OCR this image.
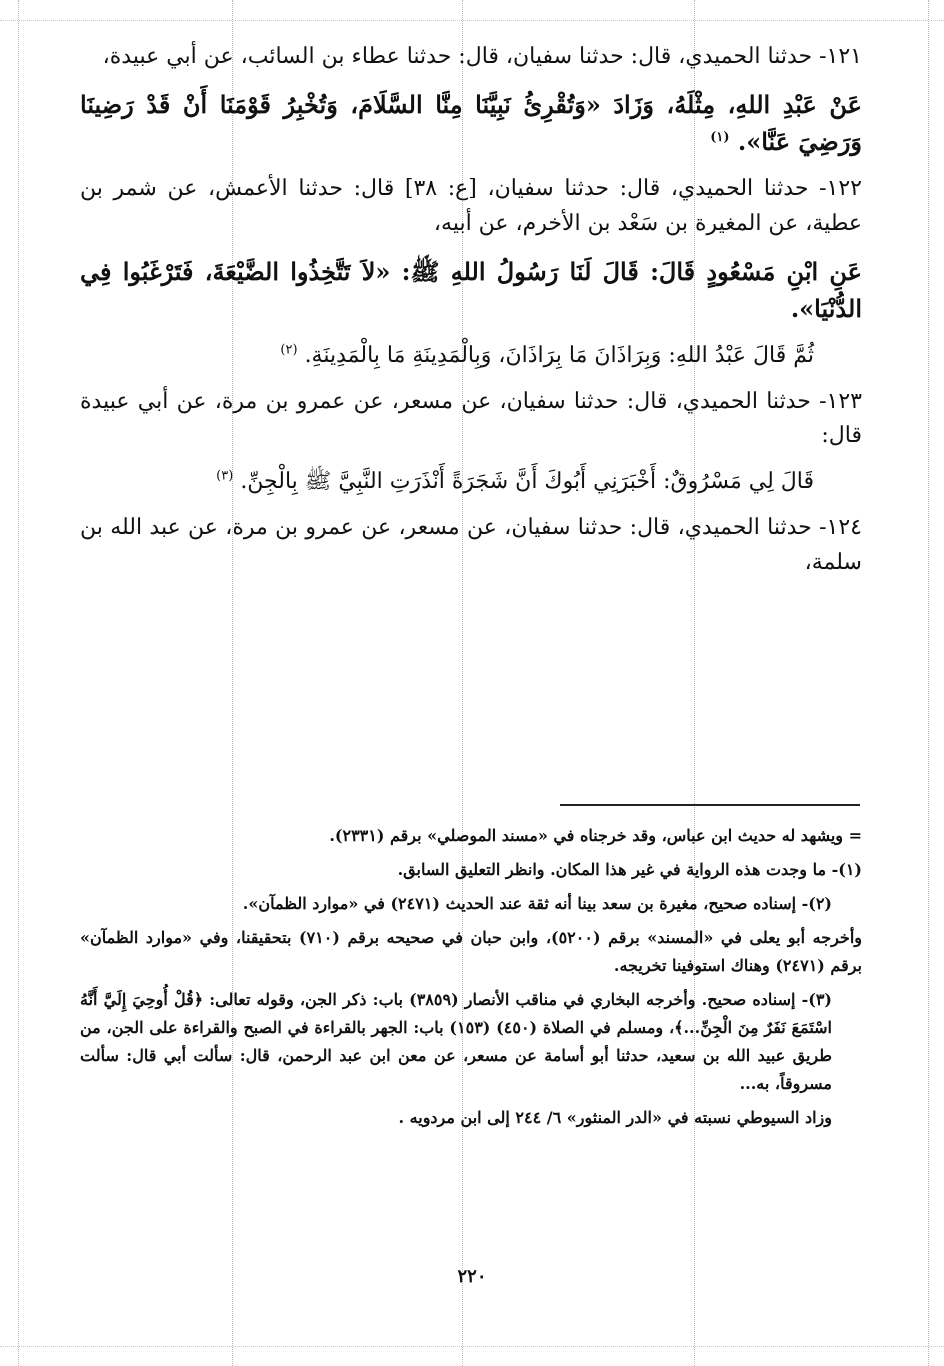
١٢١- حدثنا الحميدي، قال: حدثنا سفيان، قال: حدثنا عطاء بن السائب، عن أبي عبيدة،

عَنْ عَبْدِ اللهِ، مِثْلَهُ، وَزَادَ «وَتُقْرِئُ نَبِيَّنَا مِنَّا السَّلَامَ، وَتُخْبِرُ قَوْمَنَا أَنْ قَدْ رَضِينَا وَرَضِيَ عَنَّا». $^{(١)}$

١٢٢- حدثنا الحميدي، قال: حدثنا سفيان، [ع: ٣٨] قال: حدثنا الأعمش، عن شمر بن عطية، عن المغيرة بن سَعْد بن الأخرم، عن أبيه،

عَنِ ابْنِ مَسْعُودٍ قَالَ: قَالَ لَنَا رَسُولُ اللهِ ﷺ: «لاَ تَتَّخِذُوا الضَّيْعَةَ، فَتَرْغَبُوا فِي الدُّنْيَا».

ثُمَّ قَالَ عَبْدُ اللهِ: وَبِرَاذَانَ مَا بِرَاذَانَ، وَبِالْمَدِينَةِ مَا بِالْمَدِينَةِ. $^{(٢)}$

١٢٣- حدثنا الحميدي، قال: حدثنا سفيان، عن مسعر، عن عمرو بن مرة، عن أبي عبيدة قال:

قَالَ لِي مَسْرُوقٌ: أَخْبَرَنِي أَبُوكَ أَنَّ شَجَرَةً أَنْذَرَتِ النَّبِيَّ ﷺ بِالْجِنِّ. $^{(٣)}$

١٢٤- حدثنا الحميدي، قال: حدثنا سفيان، عن مسعر، عن عمرو بن مرة، عن عبد الله بن سلمة،

= ويشهد له حديث ابن عباس، وقد خرجناه في «مسند الموصلي» برقم (٢٣٣١).

(١)- ما وجدت هذه الرواية في غير هذا المكان. وانظر التعليق السابق.

(٢)- إسناده صحيح، مغيرة بن سعد بينا أنه ثقة عند الحديث (٢٤٧١) في «موارد الظمآن».

وأخرجه أبو يعلى في «المسند» برقم (٥٢٠٠)، وابن حبان في صحيحه برقم (٧١٠) بتحقيقنا، وفي «موارد الظمآن» برقم (٢٤٧١) وهناك استوفينا تخريجه.

(٣)- إسناده صحيح. وأخرجه البخاري في مناقب الأنصار (٣٨٥٩) باب: ذكر الجن، وقوله تعالى: ﴿قُلْ أُوحِيَ إِلَيَّ أَنَّهُ اسْتَمَعَ نَفَرٌ مِنَ الْجِنِّ...﴾، ومسلم في الصلاة (٤٥٠) (١٥٣) باب: الجهر بالقراءة في الصبح والقراءة على الجن، من طريق عبيد الله بن سعيد، حدثنا أبو أسامة عن مسعر، عن معن ابن عبد الرحمن، قال: سألت أبي قال: سألت مسروقاً، به...

وزاد السيوطي نسبته في «الدر المنثور» ٦/ ٢٤٤ إلى ابن مردويه .

٢٢٠
